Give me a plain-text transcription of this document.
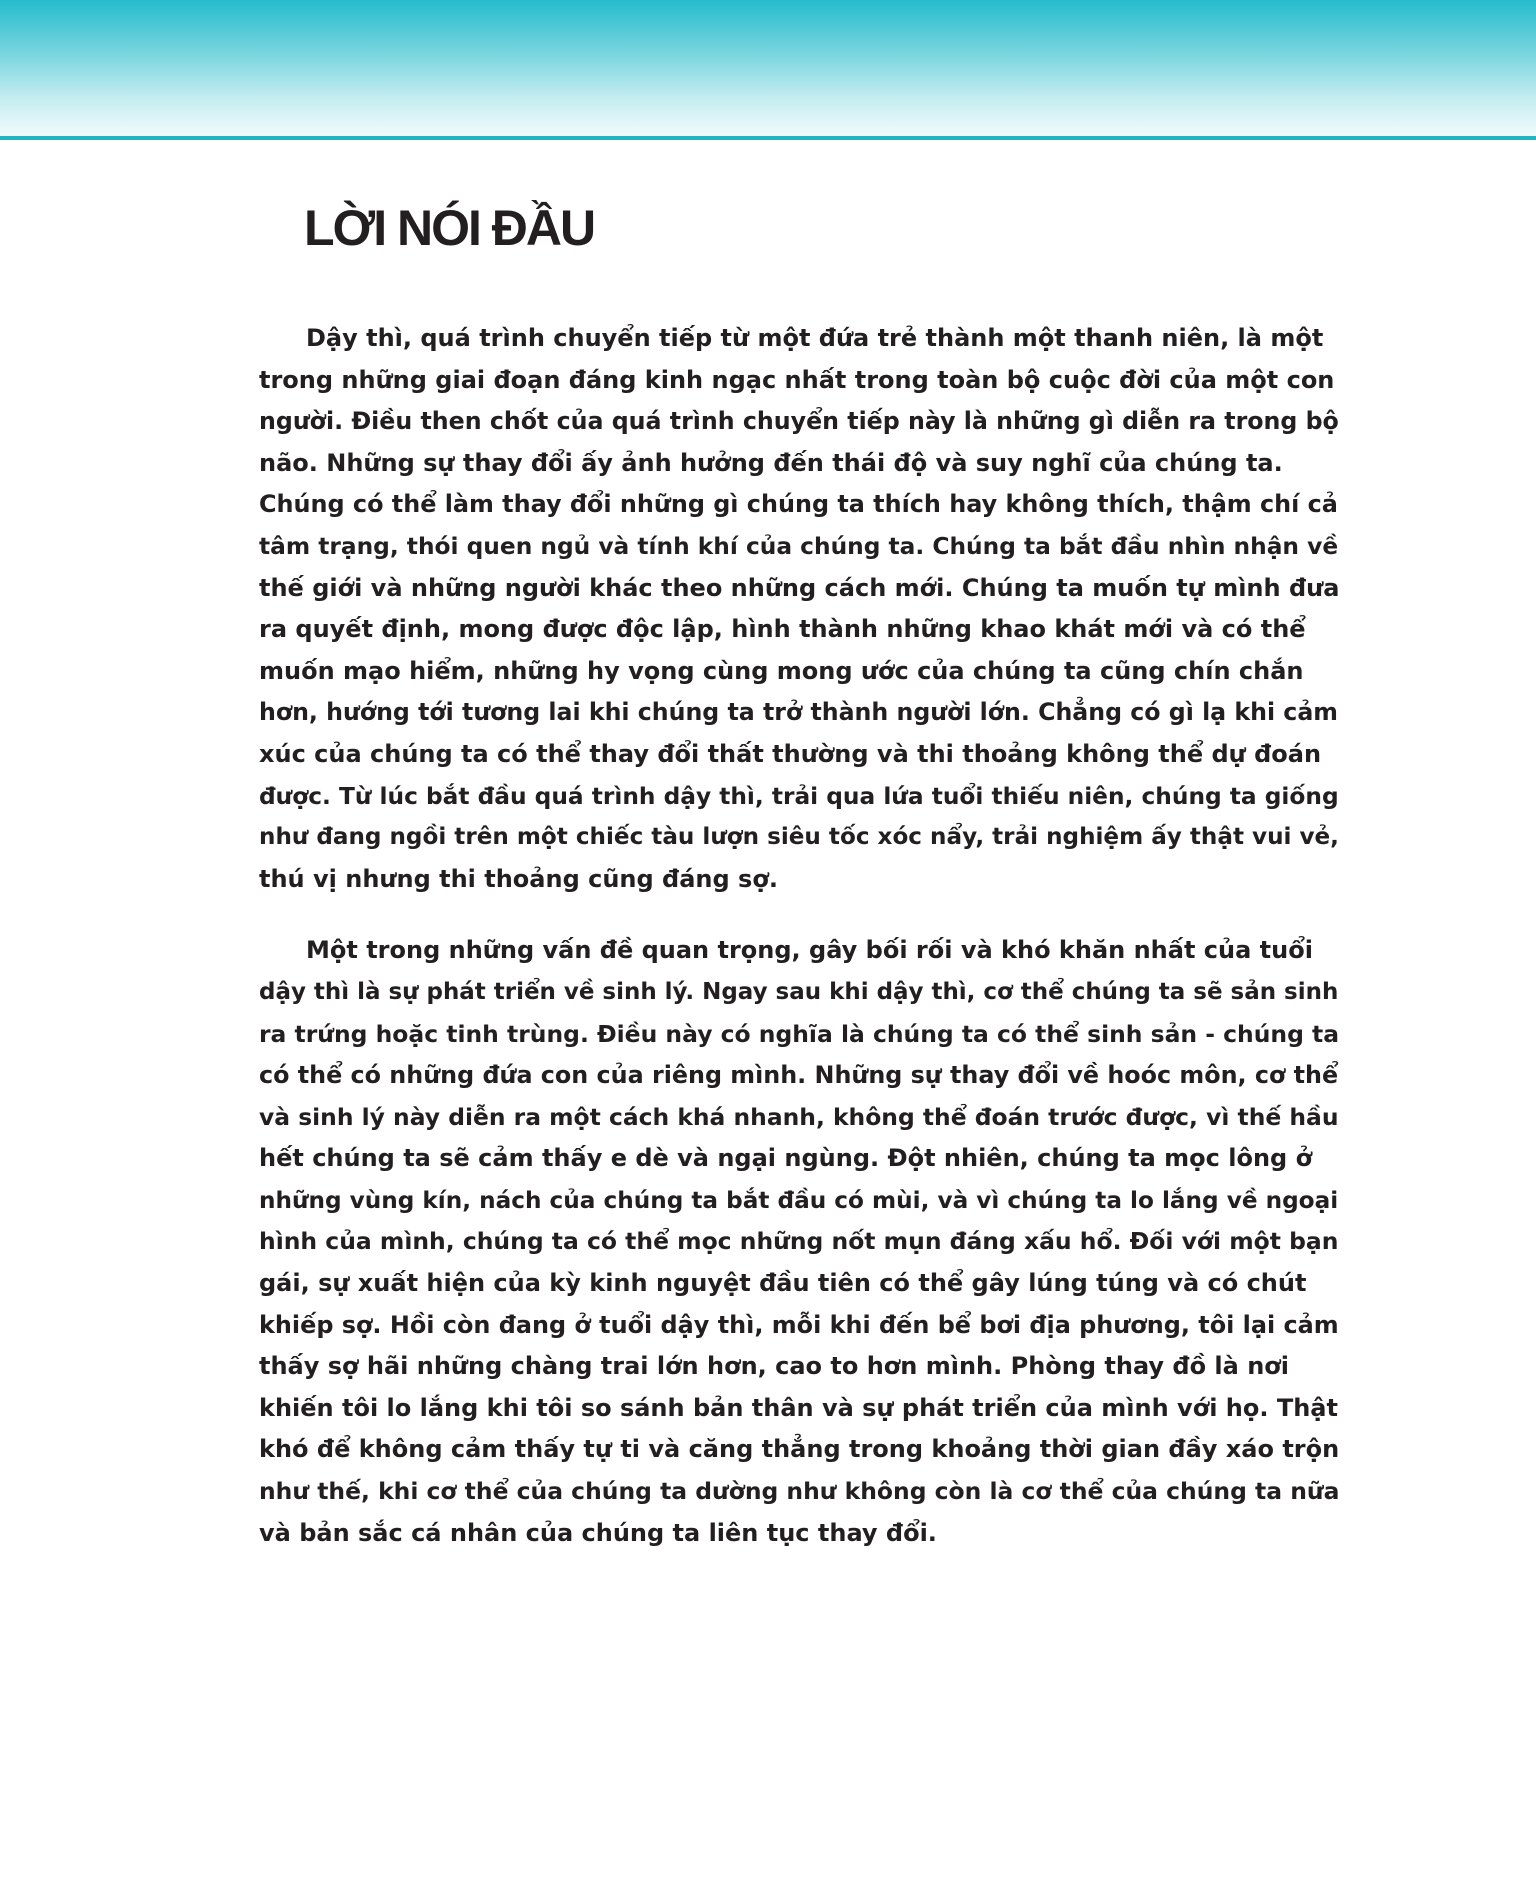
LỜI NÓI ĐẦU

Dậy thì, quá trình chuyển tiếp từ một đứa trẻ thành một thanh niên, là một
trong những giai đoạn đáng kinh ngạc nhất trong toàn bộ cuộc đời của một con
người. Điều then chốt của quá trình chuyển tiếp này là những gì diễn ra trong bộ
não. Những sự thay đổi ấy ảnh hưởng đến thái độ và suy nghĩ của chúng ta.
Chúng có thể làm thay đổi những gì chúng ta thích hay không thích, thậm chí cả
tâm trạng, thói quen ngủ và tính khí của chúng ta. Chúng ta bắt đầu nhìn nhận về
thế giới và những người khác theo những cách mới. Chúng ta muốn tự mình đưa
ra quyết định, mong được độc lập, hình thành những khao khát mới và có thể
muốn mạo hiểm, những hy vọng cùng mong ước của chúng ta cũng chín chắn
hơn, hướng tới tương lai khi chúng ta trở thành người lớn. Chẳng có gì lạ khi cảm
xúc của chúng ta có thể thay đổi thất thường và thi thoảng không thể dự đoán
được. Từ lúc bắt đầu quá trình dậy thì, trải qua lứa tuổi thiếu niên, chúng ta giống
như đang ngồi trên một chiếc tàu lượn siêu tốc xóc nẩy, trải nghiệm ấy thật vui vẻ,
thú vị nhưng thi thoảng cũng đáng sợ.

Một trong những vấn đề quan trọng, gây bối rối và khó khăn nhất của tuổi
dậy thì là sự phát triển về sinh lý. Ngay sau khi dậy thì, cơ thể chúng ta sẽ sản sinh
ra trứng hoặc tinh trùng. Điều này có nghĩa là chúng ta có thể sinh sản - chúng ta
có thể có những đứa con của riêng mình. Những sự thay đổi về hoóc môn, cơ thể
và sinh lý này diễn ra một cách khá nhanh, không thể đoán trước được, vì thế hầu
hết chúng ta sẽ cảm thấy e dè và ngại ngùng. Đột nhiên, chúng ta mọc lông ở
những vùng kín, nách của chúng ta bắt đầu có mùi, và vì chúng ta lo lắng về ngoại
hình của mình, chúng ta có thể mọc những nốt mụn đáng xấu hổ. Đối với một bạn
gái, sự xuất hiện của kỳ kinh nguyệt đầu tiên có thể gây lúng túng và có chút
khiếp sợ. Hồi còn đang ở tuổi dậy thì, mỗi khi đến bể bơi địa phương, tôi lại cảm
thấy sợ hãi những chàng trai lớn hơn, cao to hơn mình. Phòng thay đồ là nơi
khiến tôi lo lắng khi tôi so sánh bản thân và sự phát triển của mình với họ. Thật
khó để không cảm thấy tự ti và căng thẳng trong khoảng thời gian đầy xáo trộn
như thế, khi cơ thể của chúng ta dường như không còn là cơ thể của chúng ta nữa
và bản sắc cá nhân của chúng ta liên tục thay đổi.
